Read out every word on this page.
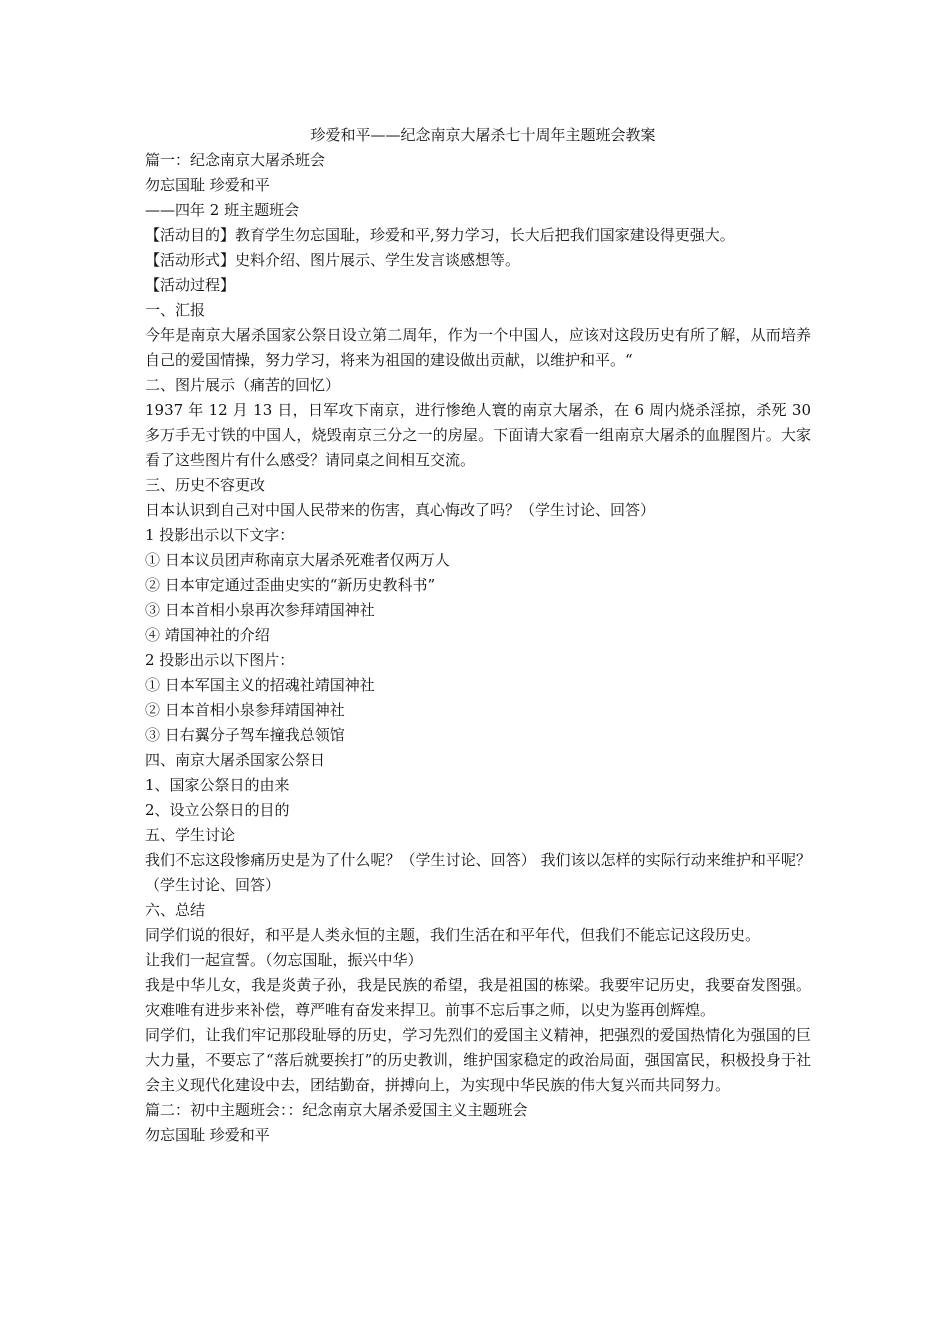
珍爱和平——纪念南京大屠杀七十周年主题班会教案

篇一：纪念南京大屠杀班会

勿忘国耻 珍爱和平

——四年 2 班主题班会

【活动目的】教育学生勿忘国耻，珍爱和平,努力学习，长大后把我们国家建设得更强大。

【活动形式】史料介绍、图片展示、学生发言谈感想等。

【活动过程】

一、汇报

今年是南京大屠杀国家公祭日设立第二周年，作为一个中国人，应该对这段历史有所了解，从而培养自己的爱国情操，努力学习，将来为祖国的建设做出贡献，以维护和平。“

二、图片展示（痛苦的回忆）

1937 年 12 月 13 日，日军攻下南京，进行惨绝人寰的南京大屠杀，在 6 周内烧杀淫掠，杀死 30 多万手无寸铁的中国人，烧毁南京三分之一的房屋。下面请大家看一组南京大屠杀的血腥图片。大家看了这些图片有什么感受？请同桌之间相互交流。

三、历史不容更改

日本认识到自己对中国人民带来的伤害，真心悔改了吗？（学生讨论、回答）

1 投影出示以下文字：

① 日本议员团声称南京大屠杀死难者仅两万人

② 日本审定通过歪曲史实的“新历史教科书”

③ 日本首相小泉再次参拜靖国神社

④ 靖国神社的介绍

2 投影出示以下图片：

① 日本军国主义的招魂社靖国神社

② 日本首相小泉参拜靖国神社

③ 日右翼分子驾车撞我总领馆

四、南京大屠杀国家公祭日

1、国家公祭日的由来

2、设立公祭日的目的

五、学生讨论

我们不忘这段惨痛历史是为了什么呢？（学生讨论、回答） 我们该以怎样的实际行动来维护和平呢？（学生讨论、回答）

六、总结

同学们说的很好，和平是人类永恒的主题，我们生活在和平年代，但我们不能忘记这段历史。

让我们一起宣誓。（勿忘国耻，振兴中华）

我是中华儿女，我是炎黄子孙，我是民族的希望，我是祖国的栋梁。我要牢记历史，我要奋发图强。灾难唯有进步来补偿，尊严唯有奋发来捍卫。前事不忘后事之师，以史为鉴再创辉煌。

同学们，让我们牢记那段耻辱的历史，学习先烈们的爱国主义精神，把强烈的爱国热情化为强国的巨大力量，不要忘了“落后就要挨打”的历史教训，维护国家稳定的政治局面，强国富民，积极投身于社会主义现代化建设中去，团结勤奋，拼搏向上，为实现中华民族的伟大复兴而共同努力。

篇二：初中主题班会：：纪念南京大屠杀爱国主义主题班会

勿忘国耻 珍爱和平
